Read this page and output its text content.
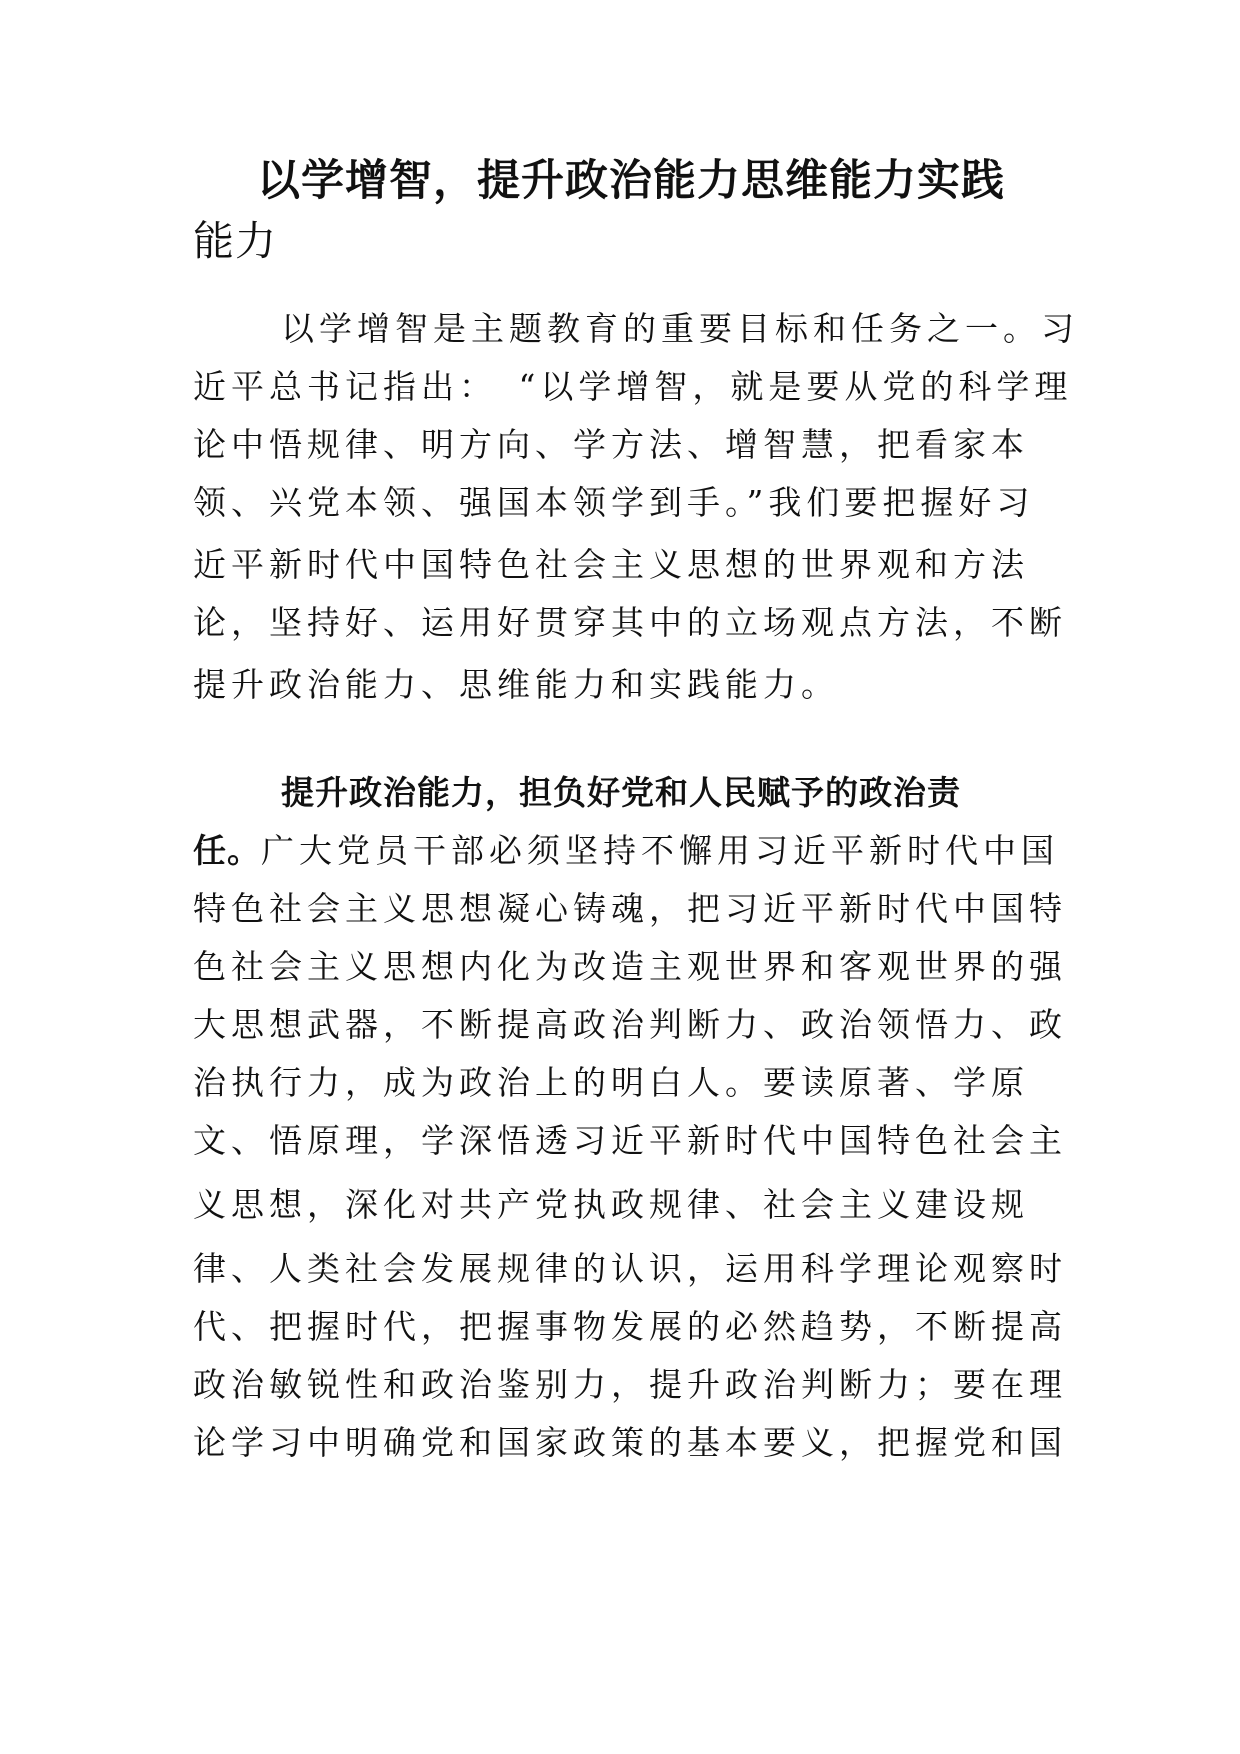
以学增智，提升政治能力思维能力实践
能力
以学增智是主题教育的重要目标和任务之一。习
近平总书记指出：　“以学增智，就是要从党的科学理
论中悟规律、明方向、学方法、增智慧，把看家本
领、兴党本领、强国本领学到手。”我们要把握好习
近平新时代中国特色社会主义思想的世界观和方法
论，坚持好、运用好贯穿其中的立场观点方法，不断
提升政治能力、思维能力和实践能力。
提升政治能力，担负好党和人民赋予的政治责
任。广大党员干部必须坚持不懈用习近平新时代中国
特色社会主义思想凝心铸魂，把习近平新时代中国特
色社会主义思想内化为改造主观世界和客观世界的强
大思想武器，不断提高政治判断力、政治领悟力、政
治执行力，成为政治上的明白人。要读原著、学原
文、悟原理，学深悟透习近平新时代中国特色社会主
义思想，深化对共产党执政规律、社会主义建设规
律、人类社会发展规律的认识，运用科学理论观察时
代、把握时代，把握事物发展的必然趋势，不断提高
政治敏锐性和政治鉴别力，提升政治判断力；要在理
论学习中明确党和国家政策的基本要义，把握党和国
